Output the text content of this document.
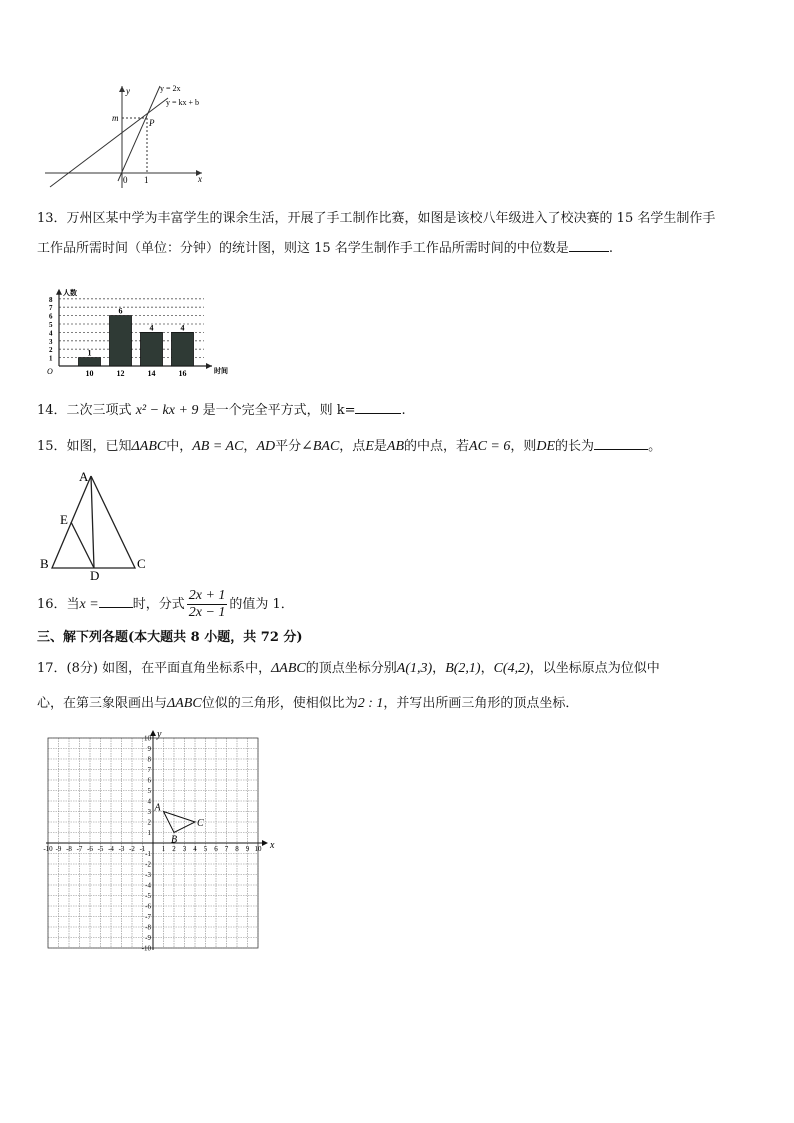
y
x
0
m
1
P
y = 2x
y = kx + b
13．万州区某中学为丰富学生的课余生活，开展了手工制作比赛，如图是该校八年级进入了校决赛的 15 名学生制作手
工作品所需时间（单位：分钟）的统计图，则这 15 名学生制作手工作品所需时间的中位数是	.
1
2
3
4
5
6
7
8
人数
时间
O
1
10
6
12
4
14
4
16
14．二次三项式 x² − kx + 9 是一个完全平方式，则 k=	.
15．如图，已知ΔABC中，AB = AC，AD平分∠BAC，点E是AB的中点，若AC = 6，则DE的长为	。
A
E
B
D
C
16．当x =	时，分式 $\frac{2x + 1}{2x - 1}$ 的值为 1．
三、解下列各题(本大题共 8 小题，共 72 分)
17．(8分) 如图，在平面直角坐标系中，ΔABC的顶点坐标分别A(1,3)，B(2,1)，C(4,2)，以坐标原点为位似中
心，在第三象限画出与ΔABC位似的三角形，使相似比为2 : 1，并写出所画三角形的顶点坐标．
x
y
-10 -9 -8 -7 -6 -5 -4 -3 -2 -1 1 2 3 4 5 6 7 8 9 10
10
9
8
7
6
5
4
3
2
1
-1
-2
-3
-4
-5
-6
-7
-8
-9
-10
A
B
C
